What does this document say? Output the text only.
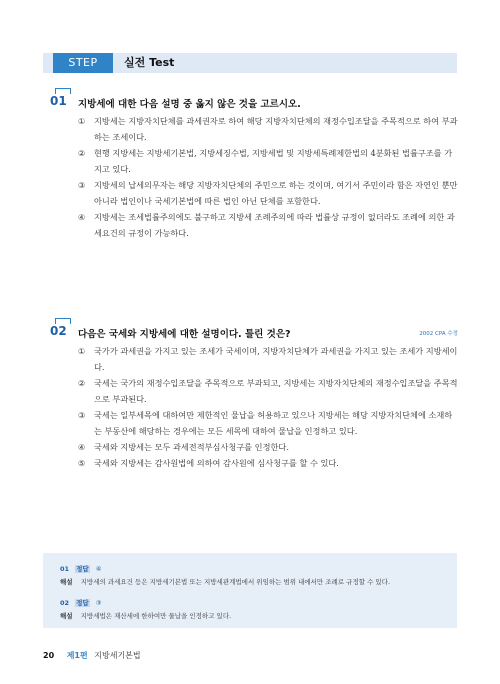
STEP	실전 Test
01 지방세에 대한 다음 설명 중 옳지 않은 것을 고르시오.
①	지방세는 지방자치단체를 과세권자로 하여 해당 지방자치단체의 재정수입조달을 주목적으로 하여 부과하는 조세이다.
②	현행 지방세는 지방세기본법, 지방세징수법, 지방세법 및 지방세특례제한법의 4분화된 법률구조를 가지고 있다.
③	지방세의 납세의무자는 해당 지방자치단체의 주민으로 하는 것이며, 여기서 주민이라 함은 자연인 뿐만 아니라 법인이나 국세기본법에 따른 법인 아닌 단체를 포함한다.
④	지방세는 조세법률주의에도 불구하고 지방세 조례주의에 따라 법률상 규정이 없더라도 조례에 의한 과세요건의 규정이 가능하다.
02 다음은 국세와 지방세에 대한 설명이다. 틀린 것은?	2002 CPA 수정
①	국가가 과세권을 가지고 있는 조세가 국세이며, 지방자치단체가 과세권을 가지고 있는 조세가 지방세이다.
②	국세는 국가의 재정수입조달을 주목적으로 부과되고, 지방세는 지방자치단체의 재정수입조달을 주목적으로 부과된다.
③	국세는 일부세목에 대하여만 제한적인 물납을 허용하고 있으나 지방세는 해당 지방자치단체에 소재하는 부동산에 해당하는 경우에는 모든 세목에 대하여 물납을 인정하고 있다.
④	국세와 지방세는 모두 과세전적부심사청구를 인정한다.
⑤	국세와 지방세는 감사원법에 의하여 감사원에 심사청구를 할 수 있다.
01 정답 ④
해설 지방세의 과세요건 등은 지방세기본법 또는 지방세관계법에서 위임하는 범위 내에서만 조례로 규정할 수 있다.
02 정답 ③
해설 지방세법은 재산세에 한하여만 물납을 인정하고 있다.
20 제1편 지방세기본법
